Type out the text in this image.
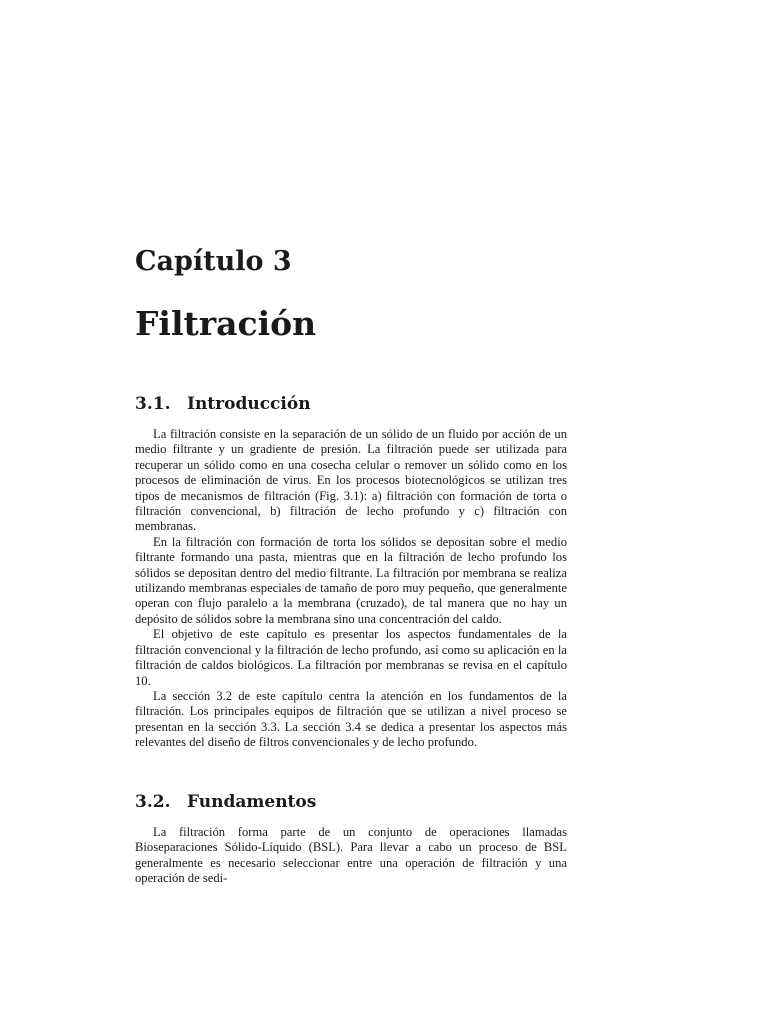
Capítulo 3
Filtración
3.1. Introducción

La filtración consiste en la separación de un sólido de un fluido por acción de un medio filtrante y un gradiente de presión. La filtración puede ser utilizada para recuperar un sólido como en una cosecha celular o remover un sólido como en los procesos de eliminación de virus. En los procesos biotecnológicos se utilizan tres tipos de mecanismos de filtración (Fig. 3.1): a) filtración con formación de torta o filtración convencional, b) filtración de lecho profundo y c) filtración con membranas.

En la filtración con formación de torta los sólidos se depositan sobre el medio filtrante formando una pasta, mientras que en la filtración de lecho profundo los sólidos se depositan dentro del medio filtrante. La filtración por membrana se realiza utilizando membranas especiales de tamaño de poro muy pequeño, que generalmente operan con flujo paralelo a la membrana (cruzado), de tal manera que no hay un depósito de sólidos sobre la membrana sino una concentración del caldo.

El objetivo de este capítulo es presentar los aspectos fundamentales de la filtración convencional y la filtración de lecho profundo, así como su aplicación en la filtración de caldos biológicos. La filtración por membranas se revisa en el capítulo 10.

La sección 3.2 de este capítulo centra la atención en los fundamentos de la filtración. Los principales equipos de filtración que se utilizan a nivel proceso se presentan en la sección 3.3. La sección 3.4 se dedica a presentar los aspectos más relevantes del diseño de filtros convencionales y de lecho profundo.

3.2. Fundamentos

La filtración forma parte de un conjunto de operaciones llamadas Bioseparaciones Sólido-Líquido (BSL). Para llevar a cabo un proceso de BSL generalmente es necesario seleccionar entre una operación de filtración y una operación de sedi-
